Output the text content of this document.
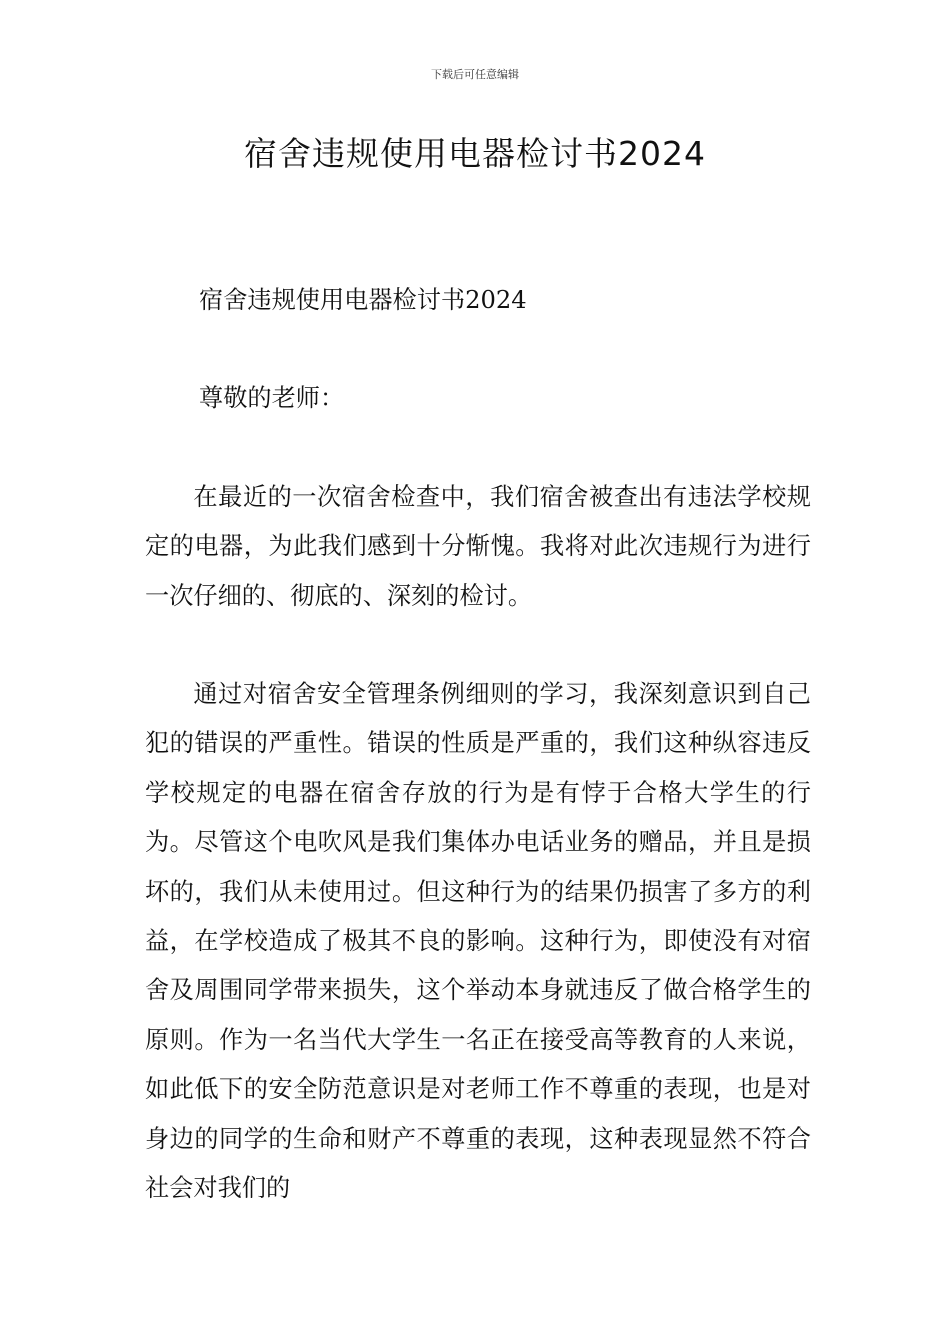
下载后可任意编辑
宿舍违规使用电器检讨书2024

宿舍违规使用电器检讨书2024

尊敬的老师：

在最近的一次宿舍检查中，我们宿舍被查出有违法学校规定的电器，为此我们感到十分惭愧。我将对此次违规行为进行一次仔细的、彻底的、深刻的检讨。

通过对宿舍安全管理条例细则的学习，我深刻意识到自己犯的错误的严重性。错误的性质是严重的，我们这种纵容违反学校规定的电器在宿舍存放的行为是有悖于合格大学生的行为。尽管这个电吹风是我们集体办电话业务的赠品，并且是损坏的，我们从未使用过。但这种行为的结果仍损害了多方的利益，在学校造成了极其不良的影响。这种行为，即使没有对宿舍及周围同学带来损失，这个举动本身就违反了做合格学生的原则。作为一名当代大学生一名正在接受高等教育的人来说，如此低下的安全防范意识是对老师工作不尊重的表现，也是对身边的同学的生命和财产不尊重的表现，这种表现显然不符合社会对我们的
